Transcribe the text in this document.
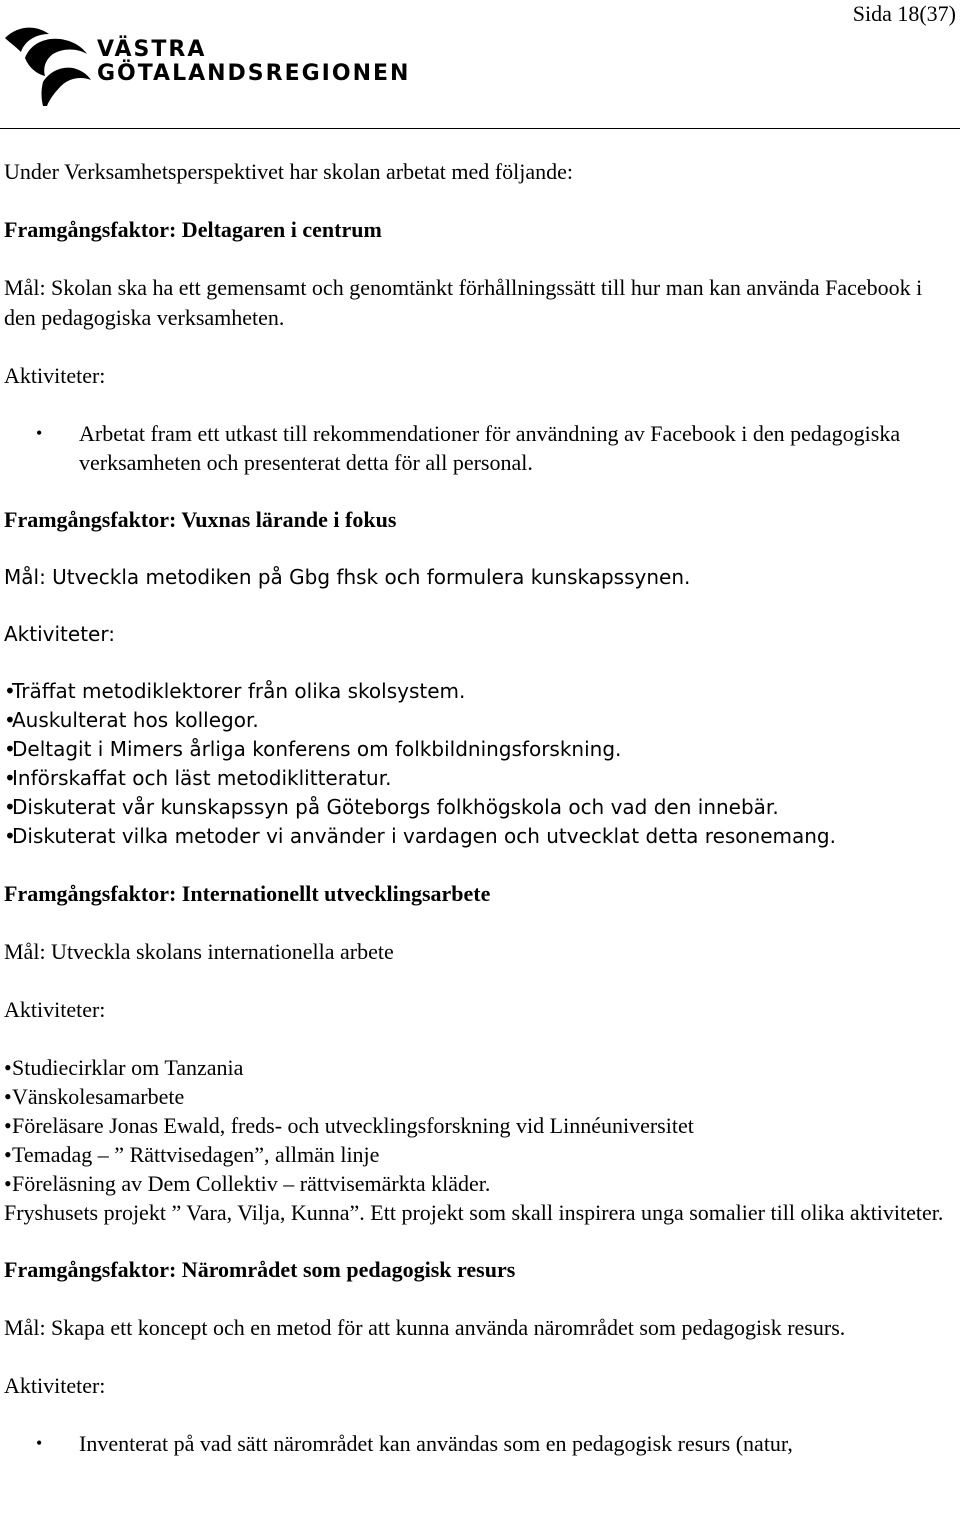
Sida 18(37)
VÄSTRA
GÖTALANDSREGIONEN

Under Verksamhetsperspektivet har skolan arbetat med följande:

Framgångsfaktor: Deltagaren i centrum

Mål: Skolan ska ha ett gemensamt och genomtänkt förhållningssätt till hur man kan använda Facebook i den pedagogiska verksamheten.

Aktiviteter:

• Arbetat fram ett utkast till rekommendationer för användning av Facebook i den pedagogiska verksamheten och presenterat detta för all personal.

Framgångsfaktor: Vuxnas lärande i fokus

Mål: Utveckla metodiken på Gbg fhsk och formulera kunskapssynen.

Aktiviteter:

• Träffat metodiklektorer från olika skolsystem.
• Auskulterat hos kollegor.
• Deltagit i Mimers årliga konferens om folkbildningsforskning.
• Införskaffat och läst metodiklitteratur.
• Diskuterat vår kunskapssyn på Göteborgs folkhögskola och vad den innebär.
• Diskuterat vilka metoder vi använder i vardagen och utvecklat detta resonemang.

Framgångsfaktor: Internationellt utvecklingsarbete

Mål: Utveckla skolans internationella arbete

Aktiviteter:

• Studiecirklar om Tanzania
• Vänskolesamarbete
• Föreläsare Jonas Ewald, freds- och utvecklingsforskning vid Linnéuniversitet
• Temadag – ” Rättvisedagen”, allmän linje
• Föreläsning av Dem Collektiv – rättvisemärkta kläder.

Fryshusets projekt ” Vara, Vilja, Kunna”. Ett projekt som skall inspirera unga somalier till olika aktiviteter.

Framgångsfaktor: Närområdet som pedagogisk resurs

Mål: Skapa ett koncept och en metod för att kunna använda närområdet som pedagogisk resurs.

Aktiviteter:

• Inventerat på vad sätt närområdet kan användas som en pedagogisk resurs (natur,
